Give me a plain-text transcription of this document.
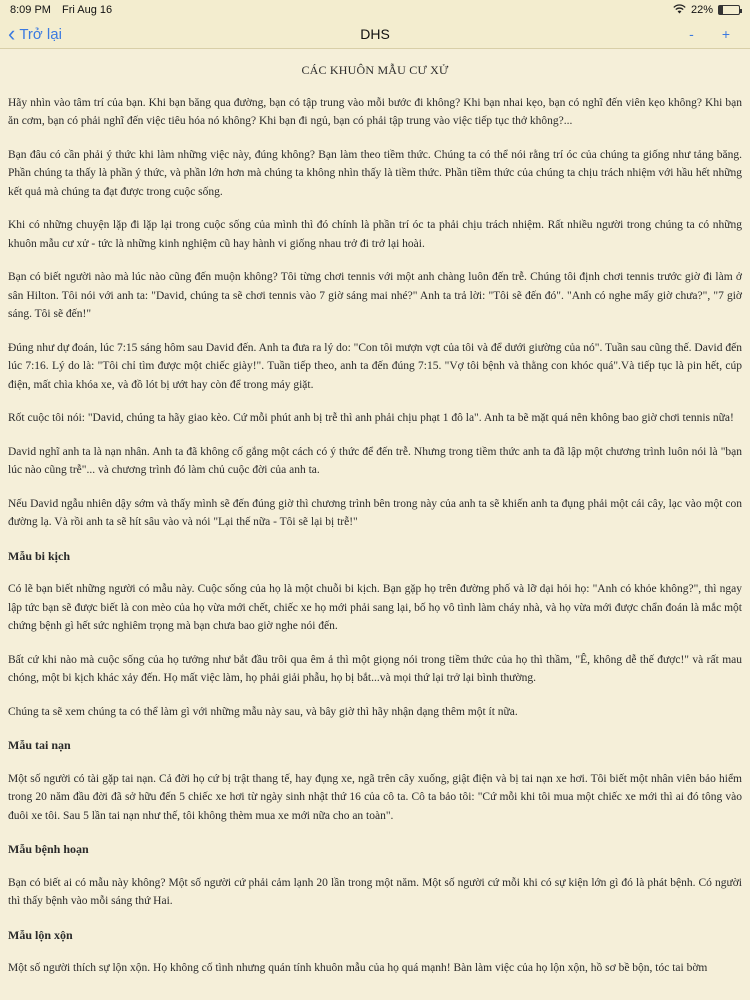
8:09 PM Fri Aug 16	22%
‹ Trở lại	DHS	- +
CÁC KHUÔN MẪU CƯ XỬ

Hãy nhìn vào tâm trí của bạn. Khi bạn băng qua đường, bạn có tập trung vào mỗi bước đi không? Khi bạn nhai kẹo, bạn có nghĩ đến viên kẹo không? Khi bạn ăn cơm, bạn có phải nghĩ đến việc tiêu hóa nó không? Khi bạn đi ngủ, bạn có phải tập trung vào việc tiếp tục thở không?...

Bạn đâu có cần phải ý thức khi làm những việc này, đúng không? Bạn làm theo tiềm thức. Chúng ta có thể nói rằng trí óc của chúng ta giống như tảng băng. Phần chúng ta thấy là phần ý thức, và phần lớn hơn mà chúng ta không nhìn thấy là tiềm thức. Phần tiềm thức của chúng ta chịu trách nhiệm với hầu hết những kết quả mà chúng ta đạt được trong cuộc sống.

Khi có những chuyện lặp đi lặp lại trong cuộc sống của mình thì đó chính là phần trí óc ta phải chịu trách nhiệm. Rất nhiều người trong chúng ta có những khuôn mẫu cư xử - tức là những kinh nghiệm cũ hay hành vi giống nhau trở đi trở lại hoài.

Bạn có biết người nào mà lúc nào cũng đến muộn không? Tôi từng chơi tennis với một anh chàng luôn đến trễ. Chúng tôi định chơi tennis trước giờ đi làm ở sân Hilton. Tôi nói với anh ta: "David, chúng ta sẽ chơi tennis vào 7 giờ sáng mai nhé?" Anh ta trả lời: "Tôi sẽ đến đó". "Anh có nghe mấy giờ chưa?", "7 giờ sáng. Tôi sẽ đến!"

Đúng như dự đoán, lúc 7:15 sáng hôm sau David đến. Anh ta đưa ra lý do: "Con tôi mượn vợt của tôi và để dưới giường của nó". Tuần sau cũng thế. David đến lúc 7:16. Lý do là: "Tôi chỉ tìm được một chiếc giày!". Tuần tiếp theo, anh ta đến đúng 7:15. "Vợ tôi bệnh và thằng con khóc quá".Và tiếp tục là pin hết, cúp điện, mất chìa khóa xe, và đồ lót bị ướt hay còn để trong máy giặt.

Rốt cuộc tôi nói: "David, chúng ta hãy giao kèo. Cứ mỗi phút anh bị trễ thì anh phải chịu phạt 1 đô la". Anh ta bẽ mặt quá nên không bao giờ chơi tennis nữa!

David nghĩ anh ta là nạn nhân. Anh ta đã không cố gắng một cách có ý thức để đến trễ. Nhưng trong tiềm thức anh ta đã lập một chương trình luôn nói là "bạn lúc nào cũng trễ"... và chương trình đó làm chủ cuộc đời của anh ta.

Nếu David ngẫu nhiên dậy sớm và thấy mình sẽ đến đúng giờ thì chương trình bên trong này của anh ta sẽ khiến anh ta đụng phải một cái cây, lạc vào một con đường lạ. Và rồi anh ta sẽ hít sâu vào và nói "Lại thế nữa - Tôi sẽ lại bị trễ!"

Mẫu bi kịch

Có lẽ bạn biết những người có mẫu này. Cuộc sống của họ là một chuỗi bi kịch. Bạn gặp họ trên đường phố và lỡ dại hỏi họ: "Anh có khỏe không?", thì ngay lập tức bạn sẽ được biết là con mèo của họ vừa mới chết, chiếc xe họ mới phải sang lại, bố họ vô tình làm cháy nhà, và họ vừa mới được chẩn đoán là mắc một chứng bệnh gì hết sức nghiêm trọng mà bạn chưa bao giờ nghe nói đến.

Bất cứ khi nào mà cuộc sống của họ tưởng như bắt đầu trôi qua êm ả thì một giọng nói trong tiềm thức của họ thì thầm, "Ê, không dễ thế được!" và rất mau chóng, một bi kịch khác xảy đến. Họ mất việc làm, họ phải giải phẫu, họ bị bắt...và mọi thứ lại trở lại bình thường.

Chúng ta sẽ xem chúng ta có thể làm gì với những mẫu này sau, và bây giờ thì hãy nhận dạng thêm một ít nữa.

Mẫu tai nạn

Một số người có tài gặp tai nạn. Cả đời họ cứ bị trật thang tế, hay đụng xe, ngã trên cây xuống, giật điện và bị tai nạn xe hơi. Tôi biết một nhân viên bảo hiểm trong 20 năm đầu đời đã sở hữu đến 5 chiếc xe hơi từ ngày sinh nhật thứ 16 của cô ta. Cô ta bảo tôi: "Cứ mỗi khi tôi mua một chiếc xe mới thì ai đó tông vào đuôi xe tôi. Sau 5 lần tai nạn như thế, tôi không thèm mua xe mới nữa cho an toàn".

Mẫu bệnh hoạn

Bạn có biết ai có mẫu này không? Một số người cứ phải cảm lạnh 20 lần trong một năm. Một số người cứ mỗi khi có sự kiện lớn gì đó là phát bệnh. Có người thì thấy bệnh vào mỗi sáng thứ Hai.

Mẫu lộn xộn

Một số người thích sự lộn xộn. Họ không cố tình nhưng quán tính khuôn mẫu của họ quá mạnh! Bàn làm việc của họ lộn xộn, hồ sơ bề bộn, tóc tai bờm
